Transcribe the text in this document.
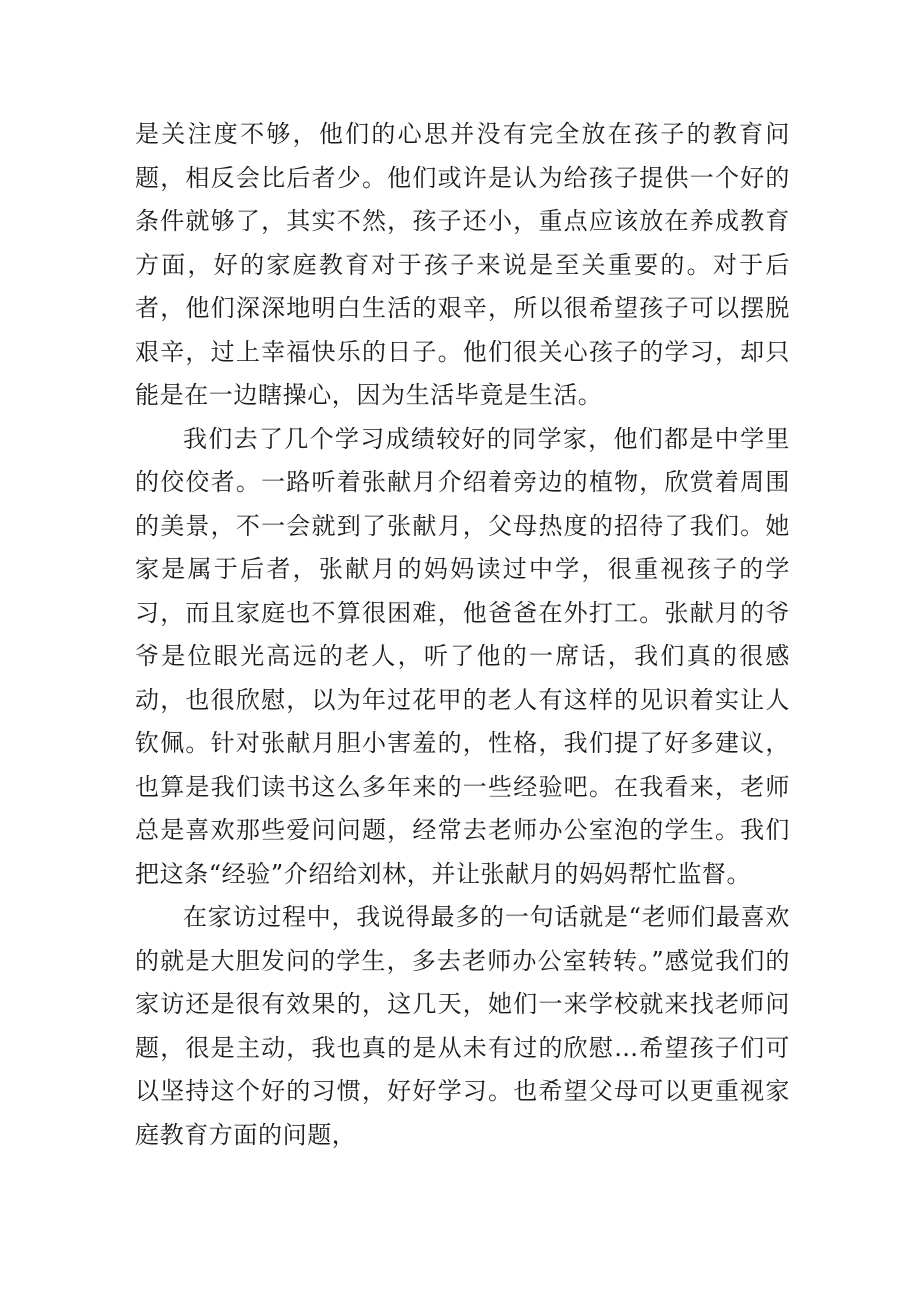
是关注度不够，他们的心思并没有完全放在孩子的教育问题，相反会比后者少。他们或许是认为给孩子提供一个好的条件就够了，其实不然，孩子还小，重点应该放在养成教育方面，好的家庭教育对于孩子来说是至关重要的。对于后者，他们深深地明白生活的艰辛，所以很希望孩子可以摆脱艰辛，过上幸福快乐的日子。他们很关心孩子的学习，却只能是在一边瞎操心，因为生活毕竟是生活。

我们去了几个学习成绩较好的同学家，他们都是中学里的佼佼者。一路听着张献月介绍着旁边的植物，欣赏着周围的美景，不一会就到了张献月，父母热度的招待了我们。她家是属于后者，张献月的妈妈读过中学，很重视孩子的学习，而且家庭也不算很困难，他爸爸在外打工。张献月的爷爷是位眼光高远的老人，听了他的一席话，我们真的很感动，也很欣慰，以为年过花甲的老人有这样的见识着实让人钦佩。针对张献月胆小害羞的，性格，我们提了好多建议，也算是我们读书这么多年来的一些经验吧。在我看来，老师总是喜欢那些爱问问题，经常去老师办公室泡的学生。我们把这条“经验”介绍给刘林，并让张献月的妈妈帮忙监督。

在家访过程中，我说得最多的一句话就是“老师们最喜欢的就是大胆发问的学生，多去老师办公室转转。”感觉我们的家访还是很有效果的，这几天，她们一来学校就来找老师问题，很是主动，我也真的是从未有过的欣慰…希望孩子们可以坚持这个好的习惯，好好学习。也希望父母可以更重视家庭教育方面的问题，
